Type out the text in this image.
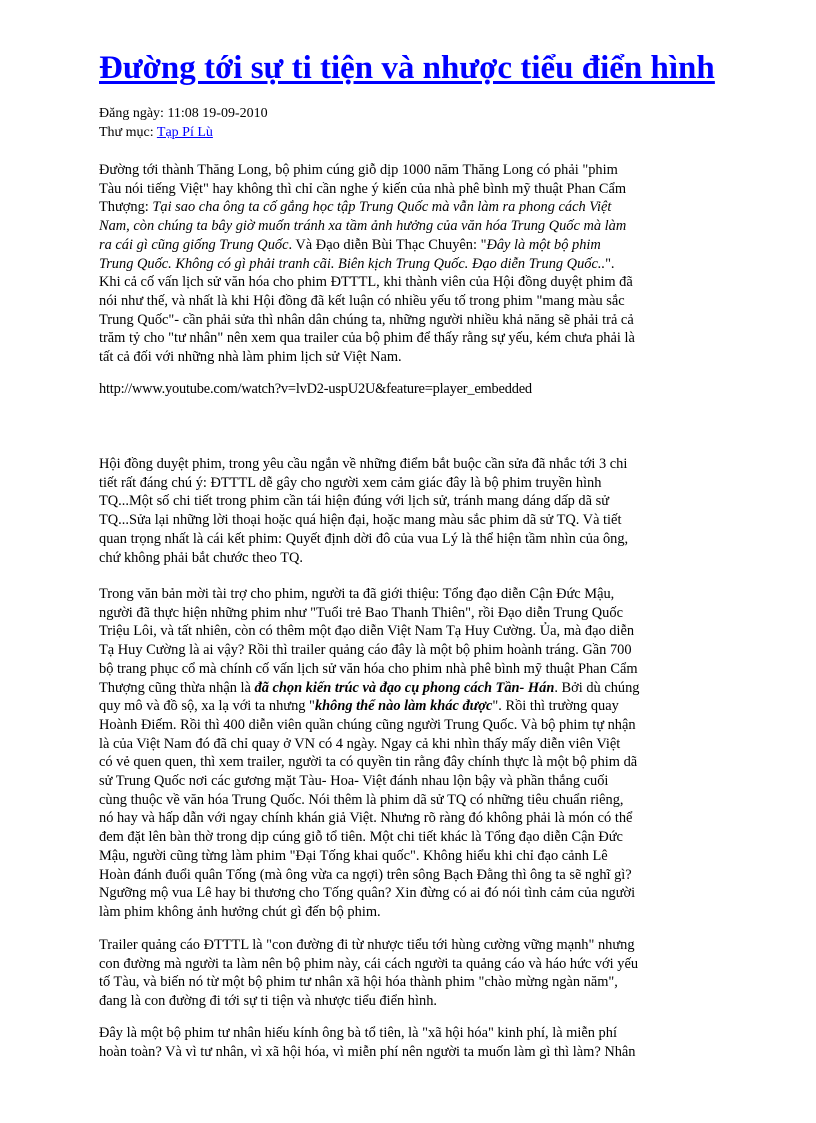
Đường tới sự ti tiện và nhược tiểu điển hình
Đăng ngày: 11:08 19-09-2010
Thư mục: Tạp Pí Lù
Đường tới thành Thăng Long, bộ phim cúng giỗ dịp 1000 năm Thăng Long có phải "phim
Tàu nói tiếng Việt" hay không thì chỉ cần nghe ý kiến của nhà phê bình mỹ thuật Phan Cẩm
Thượng: Tại sao cha ông ta cố gắng học tập Trung Quốc mà vẫn làm ra phong cách Việt
Nam, còn chúng ta bây giờ muốn tránh xa tầm ảnh hưởng của văn hóa Trung Quốc mà làm
ra cái gì cũng giống Trung Quốc. Và Đạo diễn Bùi Thạc Chuyên: "Đây là một bộ phim
Trung Quốc. Không có gì phải tranh cãi. Biên kịch Trung Quốc. Đạo diễn Trung Quốc..".
Khi cả cố vấn lịch sử văn hóa cho phim ĐTTTL, khi thành viên của Hội đồng duyệt phim đã
nói như thế, và nhất là khi Hội đồng đã kết luận có nhiều yếu tố trong phim "mang màu sắc
Trung Quốc"- cần phải sửa thì nhân dân chúng ta, những người nhiều khả năng sẽ phải trả cả
trăm tỷ cho "tư nhân" nên xem qua trailer của bộ phim để thấy rằng sự yếu, kém chưa phải là
tất cả đối với những nhà làm phim lịch sử Việt Nam.
http://www.youtube.com/watch?v=lvD2-uspU2U&feature=player_embedded
Hội đồng duyệt phim, trong yêu cầu ngắn về những điểm bắt buộc cần sửa đã nhắc tới 3 chi
tiết rất đáng chú ý: ĐTTTL dễ gây cho người xem cảm giác đây là bộ phim truyền hình
TQ...Một số chi tiết trong phim cần tái hiện đúng với lịch sử, tránh mang dáng dấp dã sử
TQ...Sửa lại những lời thoại hoặc quá hiện đại, hoặc mang màu sắc phim dã sử TQ. Và tiết
quan trọng nhất là cái kết phim: Quyết định dời đô của vua Lý là thể hiện tầm nhìn của ông,
chứ không phải bắt chước theo TQ.
Trong văn bản mời tài trợ cho phim, người ta đã giới thiệu: Tổng đạo diễn Cận Đức Mậu,
người đã thực hiện những phim như "Tuổi trẻ Bao Thanh Thiên", rồi Đạo diễn Trung Quốc
Triệu Lôi, và tất nhiên, còn có thêm một đạo diễn Việt Nam Tạ Huy Cường. Ủa, mà đạo diễn
Tạ Huy Cường là ai vậy? Rồi thì trailer quảng cáo đây là một bộ phim hoành tráng. Gần 700
bộ trang phục cổ mà chính cố vấn lịch sử văn hóa cho phim nhà phê bình mỹ thuật Phan Cẩm
Thượng cũng thừa nhận là đã chọn kiến trúc và đạo cụ phong cách Tần- Hán. Bởi dù chúng
quy mô và đồ sộ, xa lạ với ta nhưng "không thể nào làm khác được". Rồi thì trường quay
Hoành Điếm. Rồi thì 400 diễn viên quần chúng cũng người Trung Quốc. Và bộ phim tự nhận
là của Việt Nam đó đã chỉ quay ở VN có 4 ngày. Ngay cả khi nhìn thấy mấy diễn viên Việt
có vẻ quen quen, thì xem trailer, người ta có quyền tin rằng đây chính thực là một bộ phim dã
sử Trung Quốc nơi các gương mặt Tàu- Hoa- Việt đánh nhau lộn bậy và phần thắng cuối
cùng thuộc về văn hóa Trung Quốc. Nói thêm là phim dã sử TQ có những tiêu chuẩn riêng,
nó hay và hấp dẫn với ngay chính khán giả Việt. Nhưng rõ ràng đó không phải là món có thể
đem đặt lên bàn thờ trong dịp cúng giỗ tổ tiên. Một chi tiết khác là Tổng đạo diễn Cận Đức
Mậu, người cũng từng làm phim "Đại Tống khai quốc". Không hiểu khi chỉ đạo cảnh Lê
Hoàn đánh đuổi quân Tống (mà ông vừa ca ngợi) trên sông Bạch Đằng thì ông ta sẽ nghĩ gì?
Ngưỡng mộ vua Lê hay bi thương cho Tống quân? Xin đừng có ai đó nói tình cảm của người
làm phim không ảnh hưởng chút gì đến bộ phim.
Trailer quảng cáo ĐTTTL là "con đường đi từ nhược tiểu tới hùng cường vững mạnh" nhưng
con đường mà người ta làm nên bộ phim này, cái cách người ta quảng cáo và háo hức với yếu
tố Tàu, và biến nó từ một bộ phim tư nhân xã hội hóa thành phim "chào mừng ngàn năm",
đang là con đường đi tới sự ti tiện và nhược tiểu điển hình.
Đây là một bộ phim tư nhân hiếu kính ông bà tổ tiên, là "xã hội hóa" kinh phí, là miễn phí
hoàn toàn? Và vì tư nhân, vì xã hội hóa, vì miễn phí nên người ta muốn làm gì thì làm? Nhân
